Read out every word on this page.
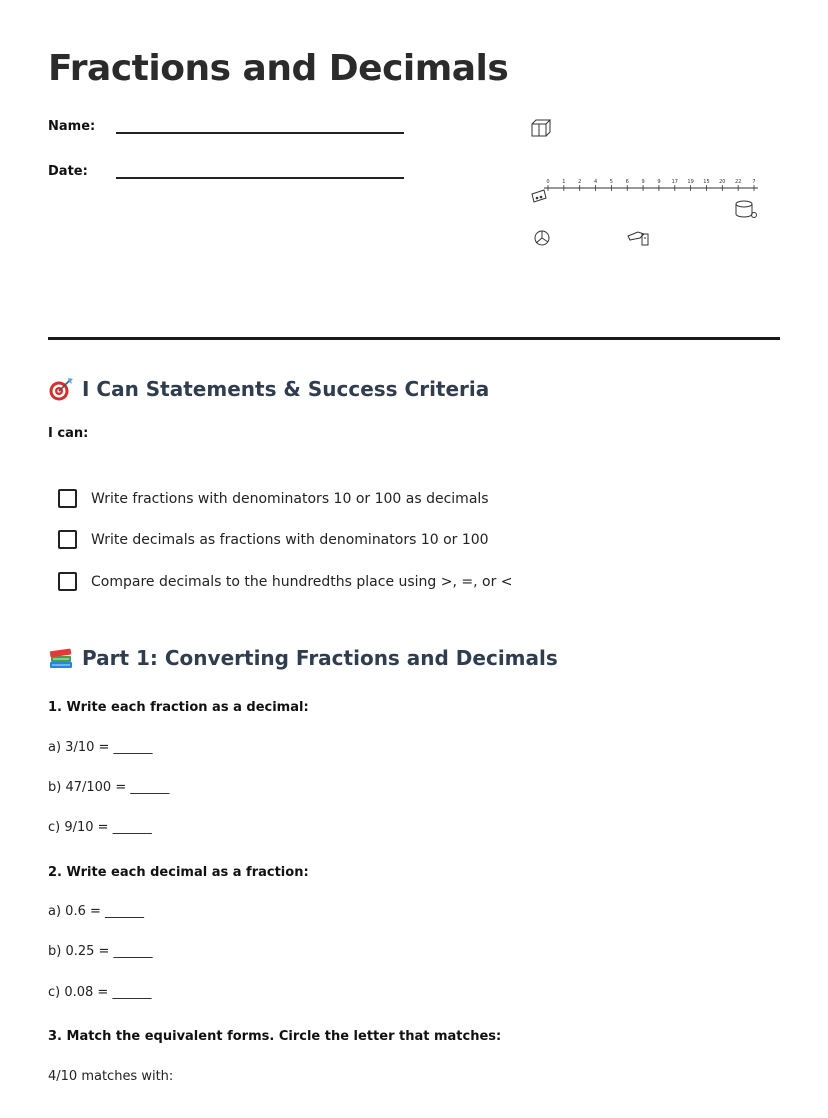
Fractions and Decimals
Name:
Date:
0	1	2	4	5	6	9	9 17 19 15 20 22 7
I Can Statements & Success Criteria
I can:
Write fractions with denominators 10 or 100 as decimals
Write decimals as fractions with denominators 10 or 100
Compare decimals to the hundredths place using >, =, or <
Part 1: Converting Fractions and Decimals
1. Write each fraction as a decimal:
a) 3/10 = ______
b) 47/100 = ______
c) 9/10 = ______
2. Write each decimal as a fraction:
a) 0.6 = ______
b) 0.25 = ______
c) 0.08 = ______
3. Match the equivalent forms. Circle the letter that matches:
4/10 matches with:
